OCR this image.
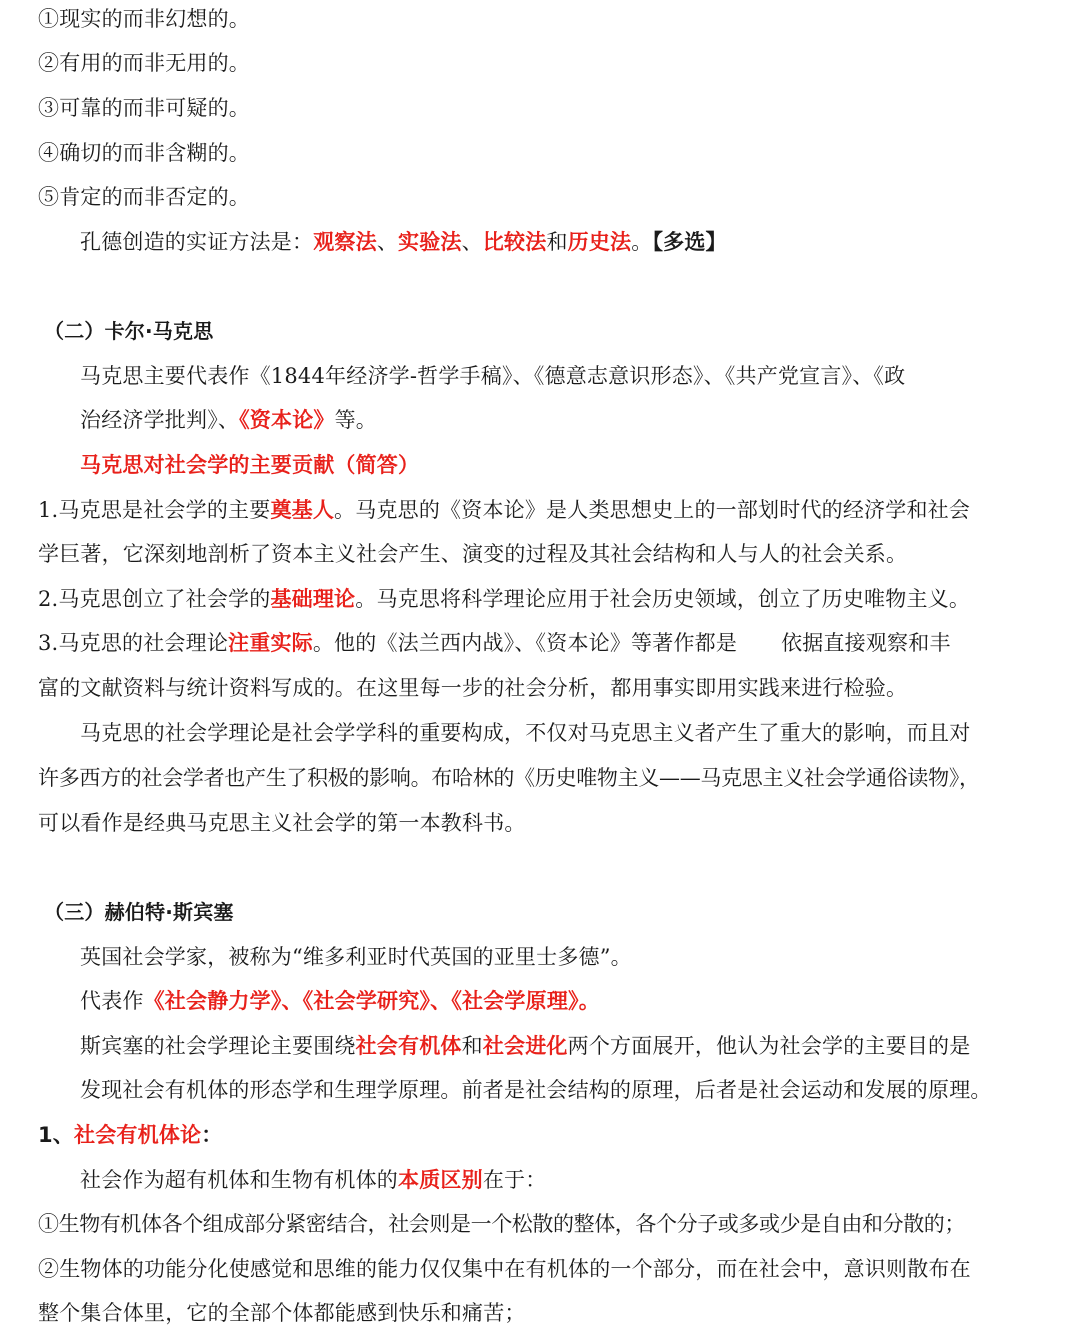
①现实的而非幻想的。
②有用的而非无用的。
③可靠的而非可疑的。
④确切的而非含糊的。
⑤肯定的而非否定的。
孔德创造的实证方法是：观察法、实验法、比较法和历史法。【多选】
（二）卡尔·马克思
马克思主要代表作《1844年经济学-哲学手稿》、《德意志意识形态》、《共产党宣言》、《政
治经济学批判》、《资本论》等。
马克思对社会学的主要贡献（简答）
1.马克思是社会学的主要奠基人。马克思的《资本论》是人类思想史上的一部划时代的经济学和社会
学巨著，它深刻地剖析了资本主义社会产生、演变的过程及其社会结构和人与人的社会关系。
2.马克思创立了社会学的基础理论。马克思将科学理论应用于社会历史领域，创立了历史唯物主义。
3.马克思的社会理论注重实际。他的《法兰西内战》、《资本论》等著作都是 依据直接观察和丰
富的文献资料与统计资料写成的。在这里每一步的社会分析，都用事实即用实践来进行检验。
马克思的社会学理论是社会学学科的重要构成，不仅对马克思主义者产生了重大的影响，而且对
许多西方的社会学者也产生了积极的影响。布哈林的《历史唯物主义——马克思主义社会学通俗读物》，
可以看作是经典马克思主义社会学的第一本教科书。
（三）赫伯特·斯宾塞
英国社会学家，被称为“维多利亚时代英国的亚里士多德”。
代表作《社会静力学》、《社会学研究》、《社会学原理》。
斯宾塞的社会学理论主要围绕社会有机体和社会进化两个方面展开，他认为社会学的主要目的是
发现社会有机体的形态学和生理学原理。前者是社会结构的原理，后者是社会运动和发展的原理。
1、社会有机体论：
社会作为超有机体和生物有机体的本质区别在于：
①生物有机体各个组成部分紧密结合，社会则是一个松散的整体，各个分子或多或少是自由和分散的；
②生物体的功能分化使感觉和思维的能力仅仅集中在有机体的一个部分，而在社会中，意识则散布在
整个集合体里，它的全部个体都能感到快乐和痛苦；
